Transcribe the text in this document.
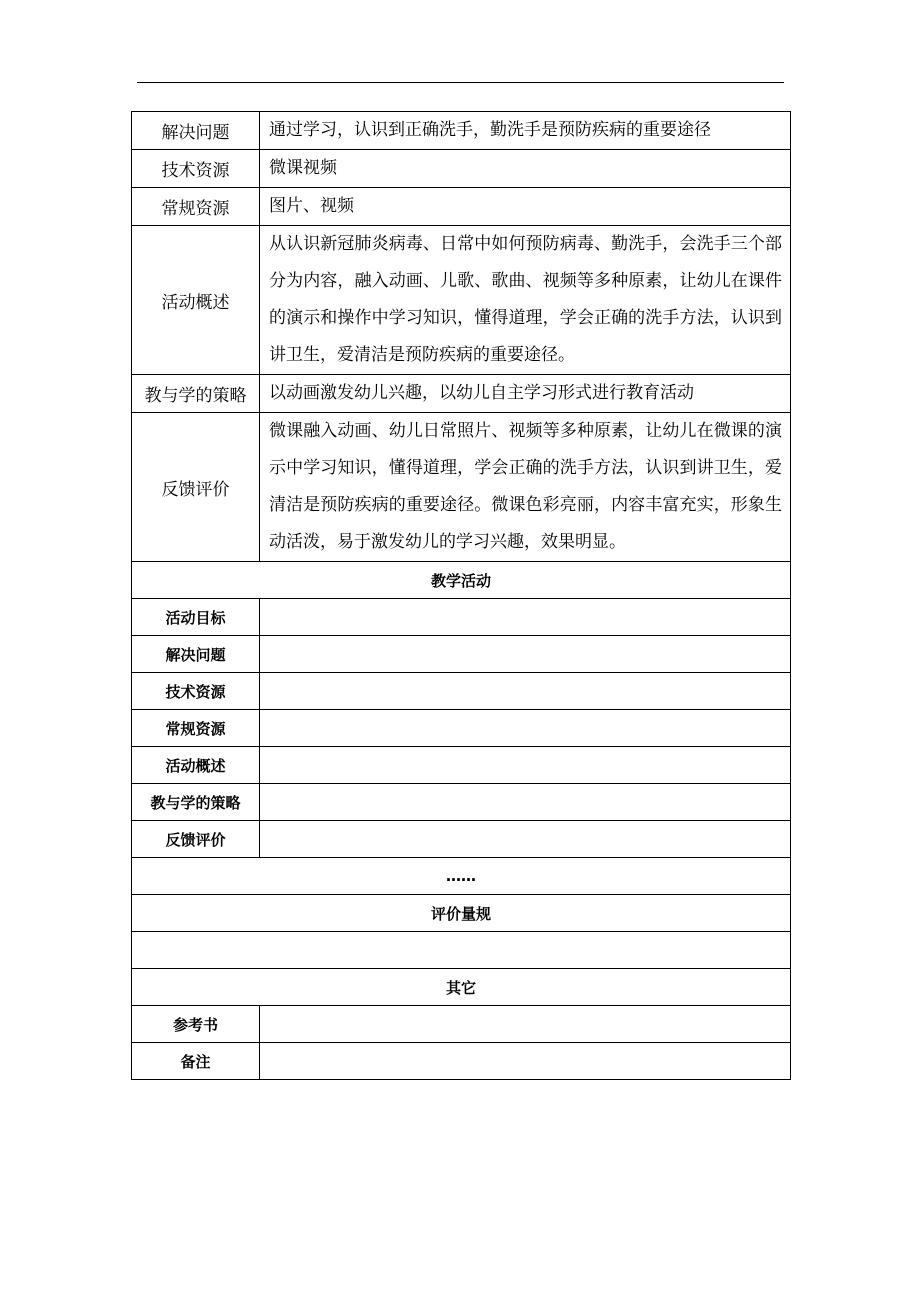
解决问题	通过学习，认识到正确洗手，勤洗手是预防疾病的重要途径
技术资源	微课视频
常规资源	图片、视频
活动概述	从认识新冠肺炎病毒、日常中如何预防病毒、勤洗手，会洗手三个部分为内容，融入动画、儿歌、歌曲、视频等多种原素，让幼儿在课件的演示和操作中学习知识，懂得道理，学会正确的洗手方法，认识到讲卫生，爱清洁是预防疾病的重要途径。
教与学的策略	以动画激发幼儿兴趣，以幼儿自主学习形式进行教育活动
反馈评价	微课融入动画、幼儿日常照片、视频等多种原素，让幼儿在微课的演示中学习知识，懂得道理，学会正确的洗手方法，认识到讲卫生，爱清洁是预防疾病的重要途径。微课色彩亮丽，内容丰富充实，形象生动活泼，易于激发幼儿的学习兴趣，效果明显。
教学活动	
活动目标	
解决问题	
技术资源	
常规资源	
活动概述	
教与学的策略	
反馈评价	
……	
评价量规	

其它	
参考书	
备注	
